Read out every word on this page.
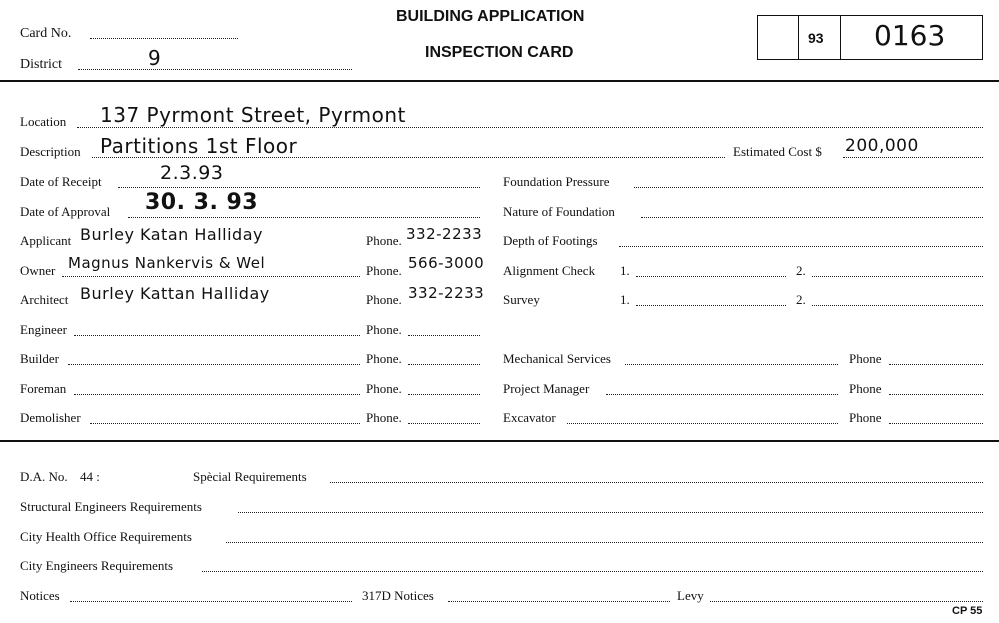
Card No.
District	9
BUILDING APPLICATION
INSPECTION CARD
93 0163
Location 137 Pyrmont Street, Pyrmont
Description Partitions 1st Floor	Estimated Cost $ 200,000
Date of Receipt	2.3.93
Date of Approval 30. 3. 93
Applicant Burley Katan Halliday	Phone. 332-2233
Owner Magnus Nankervis & Wel	Phone. 566-3000
Architect Burley Kattan Halliday	Phone. 332-2233
Engineer	Phone.
Builder	Phone.
Foreman	Phone.
Demolisher	Phone.
Foundation Pressure
Nature of Foundation
Depth of Footings
Alignment Check 1.	2.
Survey	1.	2.
Mechanical Services	Phone
Project Manager	Phone
Excavator	Phone
D.A. No. 44 :	Spècial Requirements
Structural Engineers Requirements
City Health Office Requirements
City Engineers Requirements
Notices	317D Notices	Levy
CP 55
